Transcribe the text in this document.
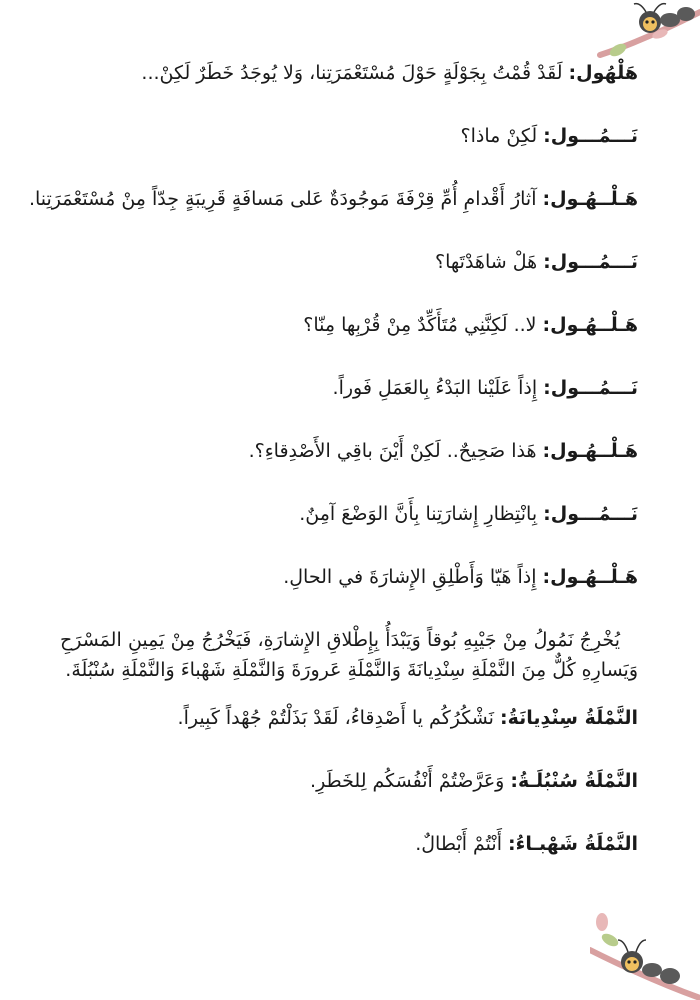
هَلْهُول: لَقَدْ قُمْتُ بِجَوْلَةٍ حَوْلَ مُسْتَعْمَرَتِنا، وَلا يُوجَدُ خَطَرٌ لَكِنْ...

نَـــمُـــول: لَكِنْ ماذا؟

هَـلْــهُـول: آثارُ أَقْدامِ أُمِّ قِرْفَةَ مَوجُودَةٌ عَلى مَسافَةٍ قَرِيبَةٍ جِدّاً مِنْ مُسْتَعْمَرَتِنا.

نَـــمُـــول: هَلْ شاهَدْتَها؟

هَـلْــهُـول: لا.. لَكِنَّنِي مُتَأَكِّدٌ مِنْ قُرْبِها مِنّا؟

نَـــمُـــول: إِذاً عَلَيْنا البَدْءُ بِالعَمَلِ فَوراً.

هَـلْــهُـول: هَذا صَحِيحٌ.. لَكِنْ أَيْنَ باقِي الأَصْدِقاءِ؟.

نَـــمُـــول: بِانْتِظارِ إِشارَتِنا بِأَنَّ الوَضْعَ آمِنٌ.

هَـلْــهُـول: إِذاً هَيّا وَأَطْلِقِ الإِشارَةَ في الحالِ.

يُخْرِجُ نَمُولُ مِنْ جَيْبِهِ بُوقاً وَيَبْدَأُ بِإِطْلاقِ الإِشارَةِ، فَيَخْرُجُ مِنْ يَمِينِ المَسْرَحِ وَيَسارِهِ كُلٌّ مِنَ النَّمْلَةِ سِنْدِيانَةَ وَالنَّمْلَةِ عَرورَةَ وَالنَّمْلَةِ شَهْباءَ وَالنَّمْلَةِ سُنْبُلَةَ.

النَّمْلَةُ سِنْدِيانَةُ: نَشْكُرُكُم يا أَصْدِقاءُ، لَقَدْ بَذَلْتُمْ جُهْداً كَبِيراً.

النَّمْلَةُ سُنْبُلَـةُ: وَعَرَّضْتُمْ أَنْفُسَكُم لِلخَطَرِ.

النَّمْلَةُ شَهْبـاءُ: أَنْتُمْ أَبْطالٌ.
